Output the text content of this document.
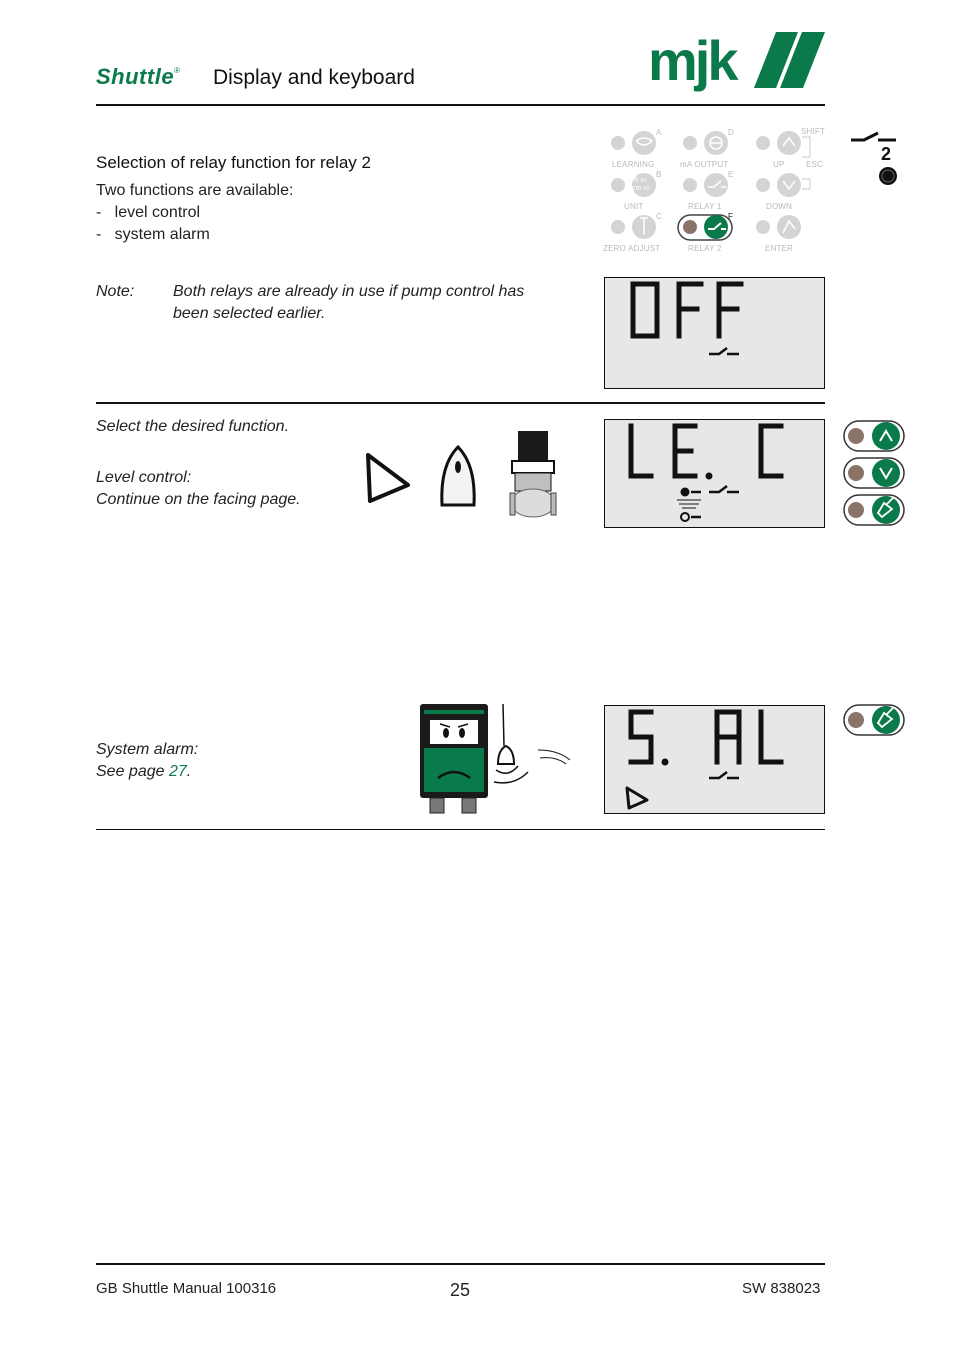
Shuttle® Display and keyboard	mjk
Selection of relay function for relay 2
Two functions are available:
-   level control
-   system alarm
Note: Both relays are already in use if pump control has
been selected earlier.
LEARNING	mA OUTPUT
SHIFT
UP	ESC
UNIT	RELAY 1	DOWN
ZERO ADJUST	RELAY 2	ENTER
A
B
C
D
E
F
ft in
cm m
2
Select the desired function.
Level control:
Continue on the facing page.
System alarm:
See page 27.
GB Shuttle Manual 100316	25	SW 838023
